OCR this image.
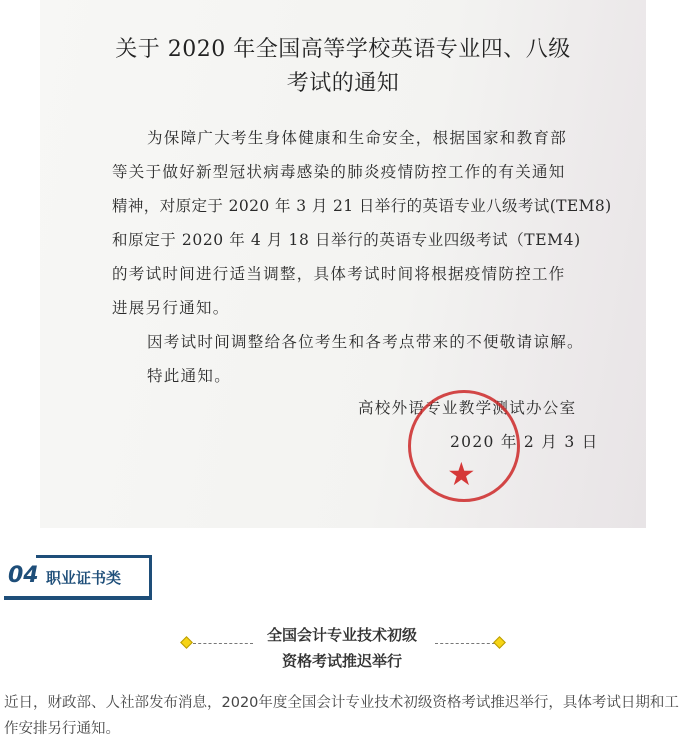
关于 2020 年全国高等学校英语专业四、八级
考试的通知
为保障广大考生身体健康和生命安全，根据国家和教育部
等关于做好新型冠状病毒感染的肺炎疫情防控工作的有关通知
精神，对原定于 2020 年 3 月 21 日举行的英语专业八级考试(TEM8)
和原定于 2020 年 4 月 18 日举行的英语专业四级考试（TEM4)
的考试时间进行适当调整，具体考试时间将根据疫情防控工作
进展另行通知。
因考试时间调整给各位考生和各考点带来的不便敬请谅解。
特此通知。
高校外语专业教学测试办公室
2020 年 2 月 3 日
★
04 职业证书类
全国会计专业技术初级
资格考试推迟举行
近日，财政部、人社部发布消息，2020年度全国会计专业技术初级资格考试推迟举行，具体考试日期和工作安排另行通知。
